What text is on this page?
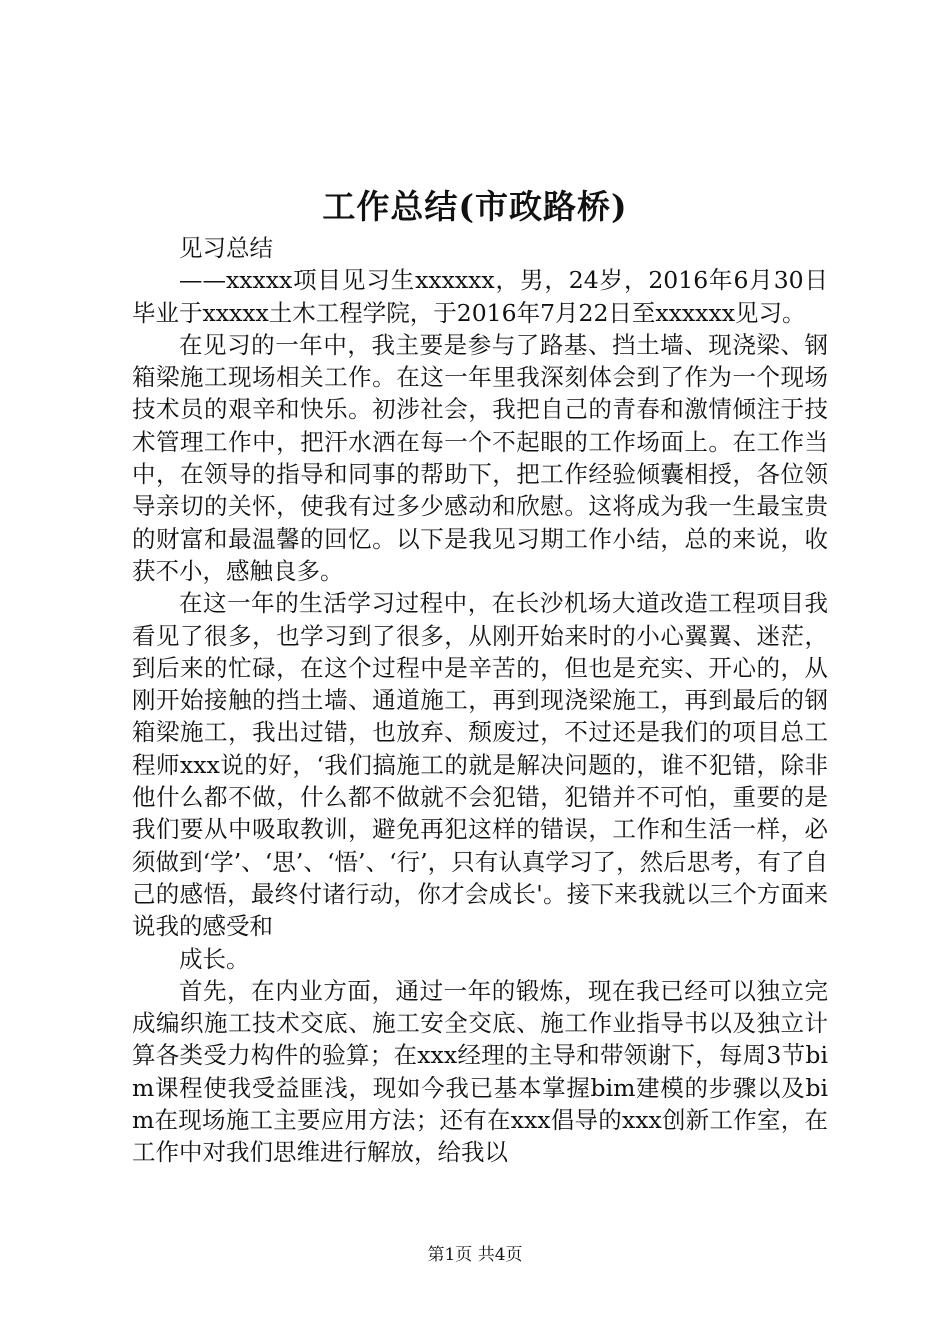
工作总结(市政路桥)

见习总结

——xxxxx项目见习生xxxxxx，男，24岁，2016年6月30日毕业于xxxxx土木工程学院，于2016年7月22日至xxxxxx见习。

在见习的一年中，我主要是参与了路基、挡土墙、现浇梁、钢箱梁施工现场相关工作。在这一年里我深刻体会到了作为一个现场技术员的艰辛和快乐。初涉社会，我把自己的青春和激情倾注于技术管理工作中，把汗水洒在每一个不起眼的工作场面上。在工作当中，在领导的指导和同事的帮助下，把工作经验倾囊相授，各位领导亲切的关怀，使我有过多少感动和欣慰。这将成为我一生最宝贵的财富和最温馨的回忆。以下是我见习期工作小结，总的来说，收获不小，感触良多。

在这一年的生活学习过程中，在长沙机场大道改造工程项目我看见了很多，也学习到了很多，从刚开始来时的小心翼翼、迷茫，到后来的忙碌，在这个过程中是辛苦的，但也是充实、开心的，从刚开始接触的挡土墙、通道施工，再到现浇梁施工，再到最后的钢箱梁施工，我出过错，也放弃、颓废过，不过还是我们的项目总工程师xxx说的好，‘我们搞施工的就是解决问题的，谁不犯错，除非他什么都不做，什么都不做就不会犯错，犯错并不可怕，重要的是我们要从中吸取教训，避免再犯这样的错误，工作和生活一样，必须做到‘学’、‘思’、‘悟’、‘行’，只有认真学习了，然后思考，有了自己的感悟，最终付诸行动，你才会成长'。接下来我就以三个方面来说我的感受和

成长。

首先，在内业方面，通过一年的锻炼，现在我已经可以独立完成编织施工技术交底、施工安全交底、施工作业指导书以及独立计算各类受力构件的验算；在xxx经理的主导和带领谢下，每周3节bim课程使我受益匪浅，现如今我已基本掌握bim建模的步骤以及bim在现场施工主要应用方法；还有在xxx倡导的xxx创新工作室，在工作中对我们思维进行解放，给我以

第1页 共4页
